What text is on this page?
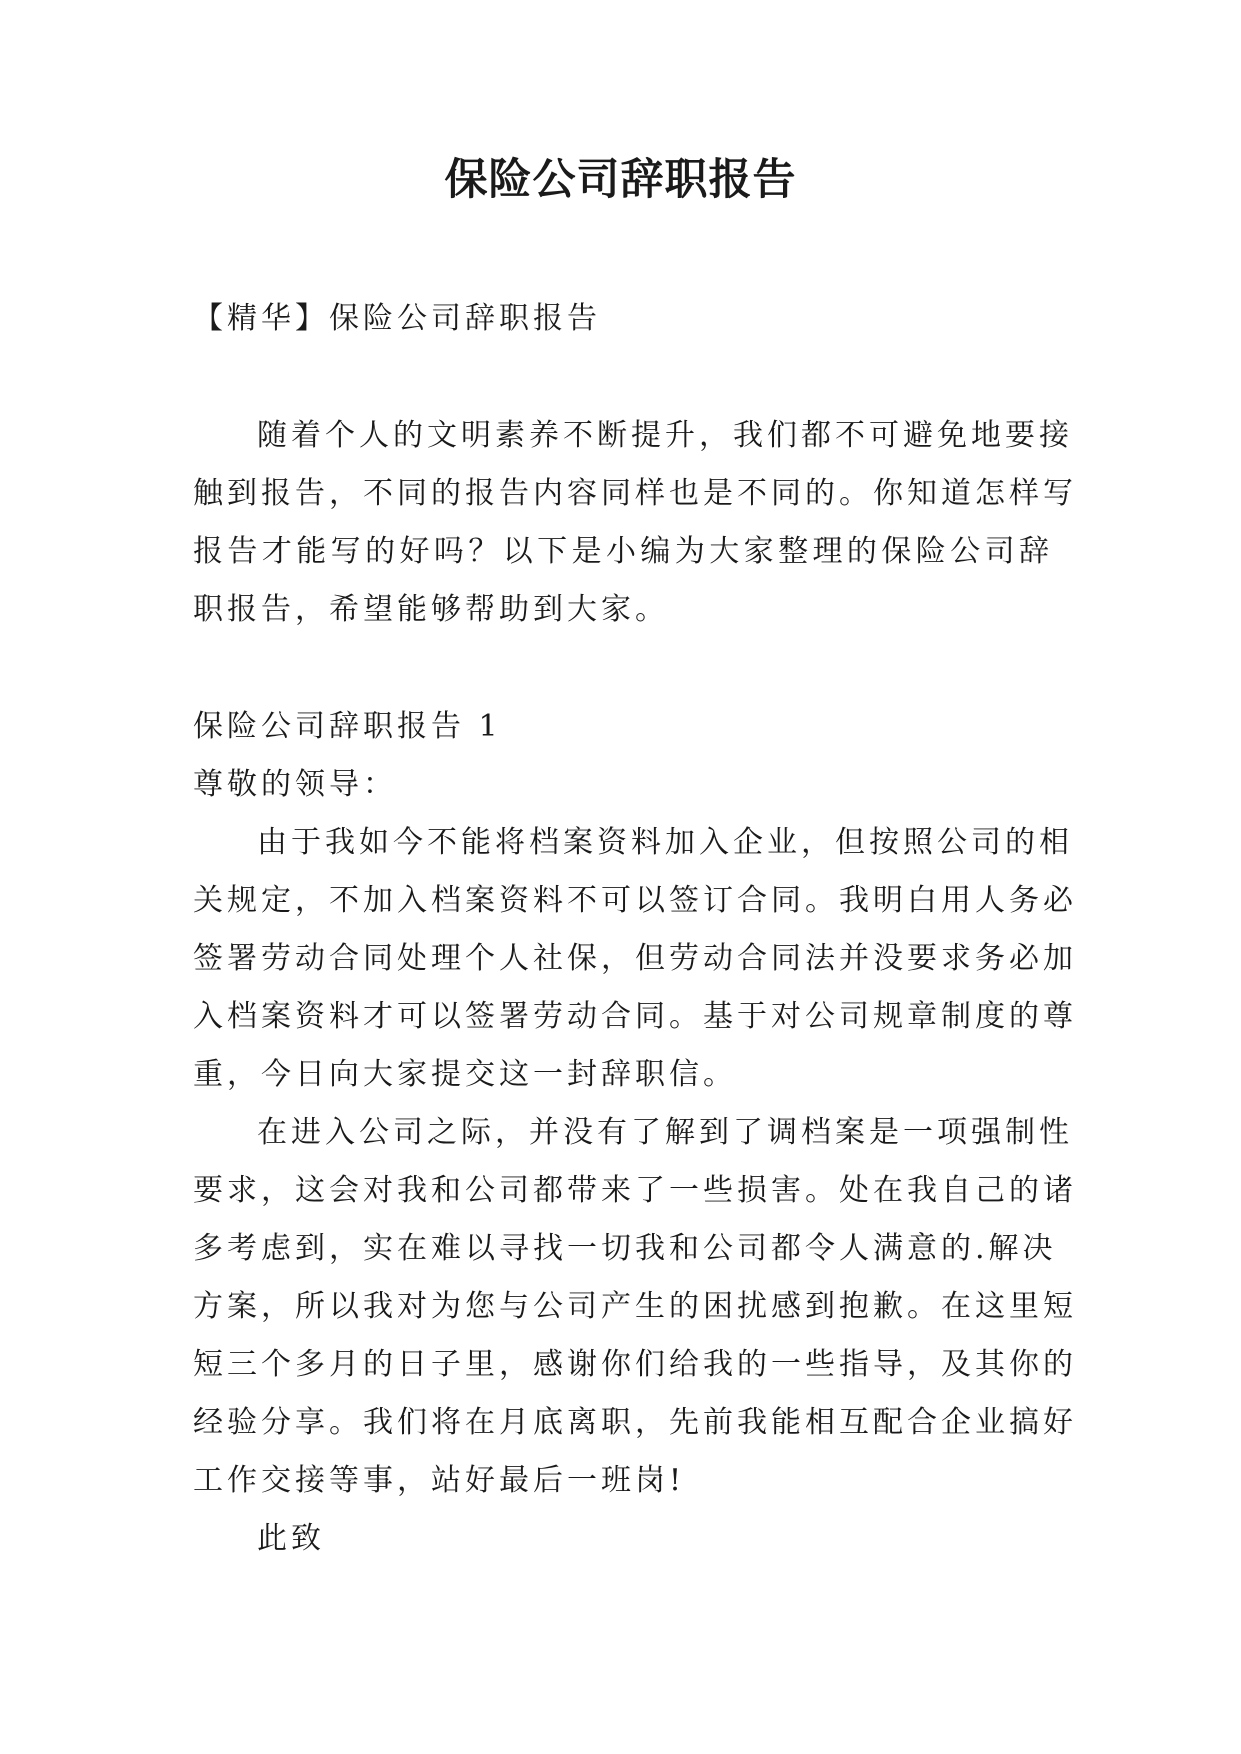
保险公司辞职报告

【精华】保险公司辞职报告

随着个人的文明素养不断提升，我们都不可避免地要接
触到报告，不同的报告内容同样也是不同的。你知道怎样写
报告才能写的好吗？以下是小编为大家整理的保险公司辞
职报告，希望能够帮助到大家。

保险公司辞职报告 1

尊敬的领导：

由于我如今不能将档案资料加入企业，但按照公司的相
关规定，不加入档案资料不可以签订合同。我明白用人务必
签署劳动合同处理个人社保，但劳动合同法并没要求务必加
入档案资料才可以签署劳动合同。基于对公司规章制度的尊
重，今日向大家提交这一封辞职信。
在进入公司之际，并没有了解到了调档案是一项强制性
要求，这会对我和公司都带来了一些损害。处在我自己的诸
多考虑到，实在难以寻找一切我和公司都令人满意的.解决
方案，所以我对为您与公司产生的困扰感到抱歉。在这里短
短三个多月的日子里，感谢你们给我的一些指导，及其你的
经验分享。我们将在月底离职，先前我能相互配合企业搞好
工作交接等事，站好最后一班岗!

此致
